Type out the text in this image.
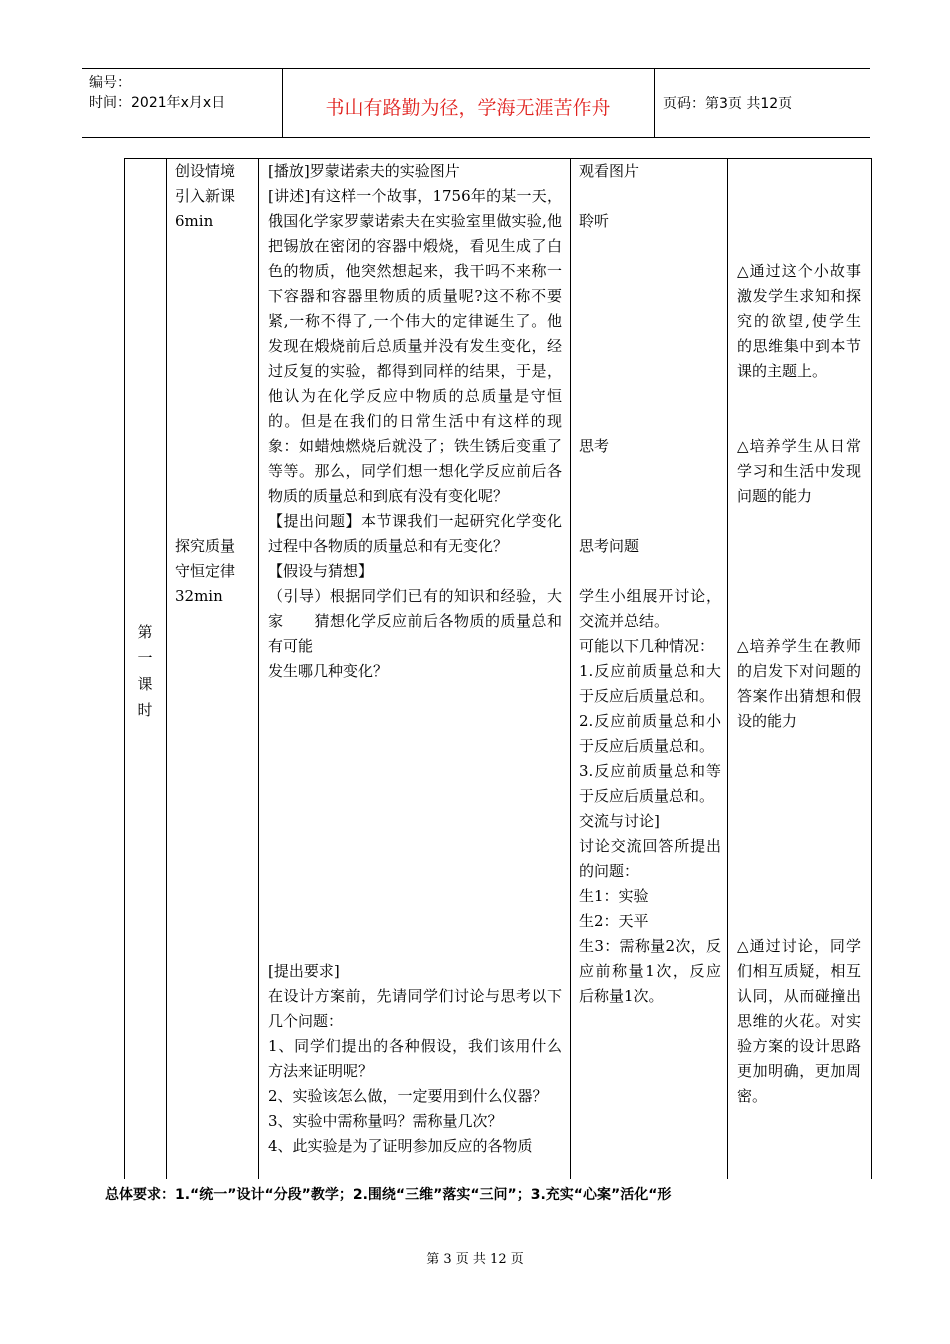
编号：
时间：2021年x月x日	书山有路勤为径，学海无涯苦作舟	页码：第3页 共12页
第一课时
创设情境
引入新课
6min
探究质量
守恒定律
32min
[播放]罗蒙诺索夫的实验图片
[讲述]有这样一个故事，1756年的某一天，俄国化学家罗蒙诺索夫在实验室里做实验,他把锡放在密闭的容器中煅烧，看见生成了白色的物质，他突然想起来，我干吗不来称一下容器和容器里物质的质量呢?这不称不要紧,一称不得了,一个伟大的定律诞生了。他发现在煅烧前后总质量并没有发生变化，经过反复的实验，都得到同样的结果，于是，他认为在化学反应中物质的总质量是守恒的。但是在我们的日常生活中有这样的现象：如蜡烛燃烧后就没了；铁生锈后变重了等等。那么，同学们想一想化学反应前后各物质的质量总和到底有没有变化呢？
【提出问题】本节课我们一起研究化学变化过程中各物质的质量总和有无变化？
【假设与猜想】
（引导）根据同学们已有的知识和经验，大家　　猜想化学反应前后各物质的质量总和有可能
发生哪几种变化？
[提出要求]
在设计方案前，先请同学们讨论与思考以下几个问题：
1、同学们提出的各种假设，我们该用什么方法来证明呢？
2、实验该怎么做，一定要用到什么仪器？
3、实验中需称量吗？需称量几次？
4、此实验是为了证明参加反应的各物质
观看图片
聆听
思考
思考问题
学生小组展开讨论，交流并总结。
可能以下几种情况：
1.反应前质量总和大于反应后质量总和。
2.反应前质量总和小于反应后质量总和。
3.反应前质量总和等于反应后质量总和。
交流与讨论]
讨论交流回答所提出的问题：
生1：实验
生2：天平
生3：需称量2次，反应前称量1次，反应后称量1次。
△通过这个小故事激发学生求知和探究的欲望,使学生的思维集中到本节课的主题上。
△培养学生从日常学习和生活中发现问题的能力
△培养学生在教师的启发下对问题的答案作出猜想和假设的能力
△通过讨论，同学们相互质疑，相互认同，从而碰撞出思维的火花。对实验方案的设计思路更加明确，更加周密。
总体要求：1.“统一”设计“分段”教学；2.围绕“三维”落实“三问”；3.充实“心案”活化“形
第 3 页 共 12 页
